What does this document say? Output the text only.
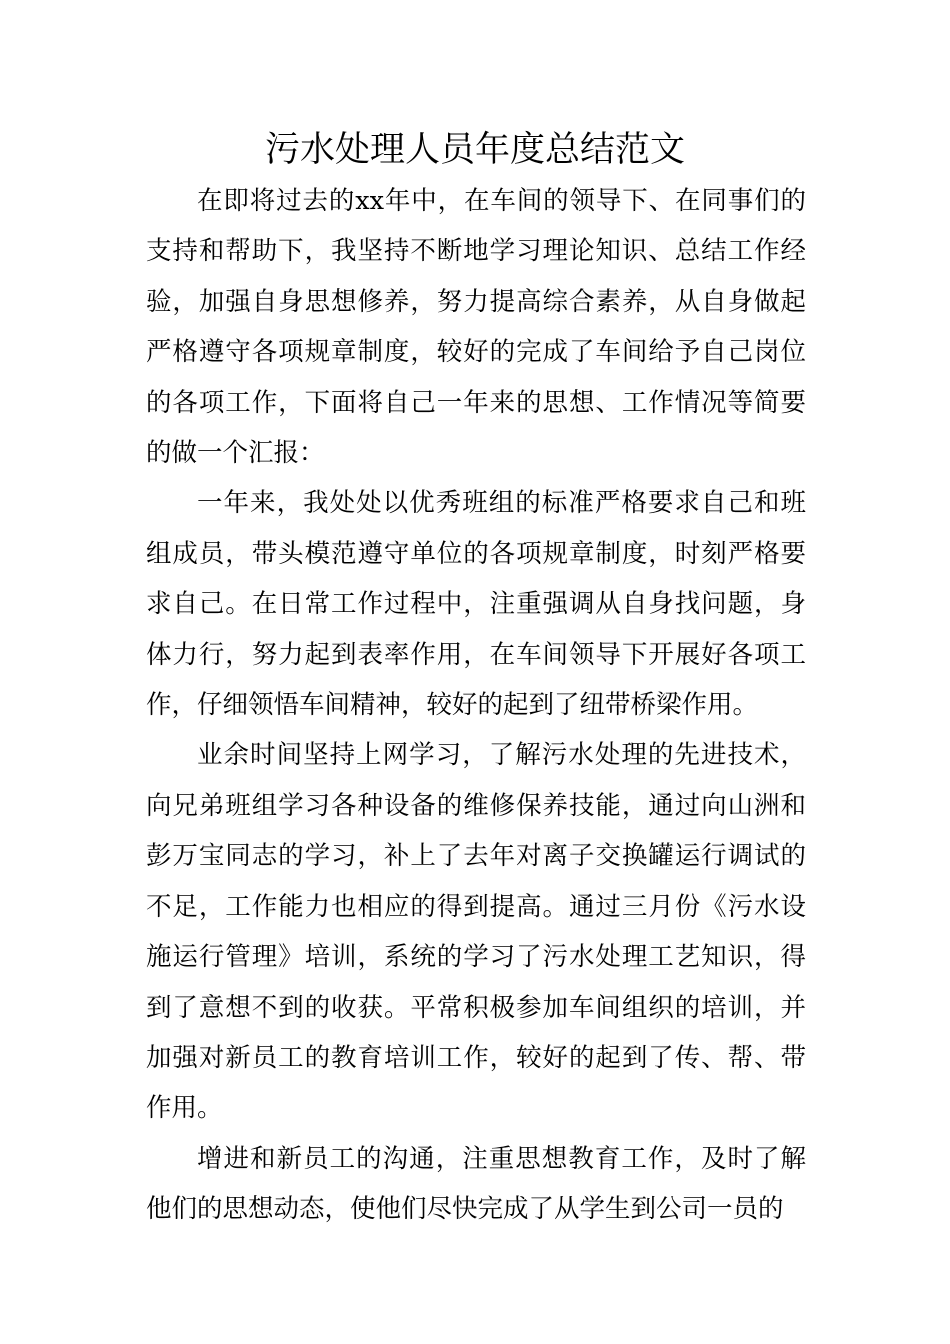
污水处理人员年度总结范文

在即将过去的xx年中，在车间的领导下、在同事们的支持和帮助下，我坚持不断地学习理论知识、总结工作经验，加强自身思想修养，努力提高综合素养，从自身做起严格遵守各项规章制度，较好的完成了车间给予自己岗位的各项工作，下面将自己一年来的思想、工作情况等简要的做一个汇报：

一年来，我处处以优秀班组的标准严格要求自己和班组成员，带头模范遵守单位的各项规章制度，时刻严格要求自己。在日常工作过程中，注重强调从自身找问题，身体力行，努力起到表率作用，在车间领导下开展好各项工作，仔细领悟车间精神，较好的起到了纽带桥梁作用。

业余时间坚持上网学习，了解污水处理的先进技术，向兄弟班组学习各种设备的维修保养技能，通过向山洲和彭万宝同志的学习，补上了去年对离子交换罐运行调试的不足，工作能力也相应的得到提高。通过三月份《污水设施运行管理》培训，系统的学习了污水处理工艺知识，得到了意想不到的收获。平常积极参加车间组织的培训，并加强对新员工的教育培训工作，较好的起到了传、帮、带作用。

增进和新员工的沟通，注重思想教育工作，及时了解他们的思想动态，使他们尽快完成了从学生到公司一员的
